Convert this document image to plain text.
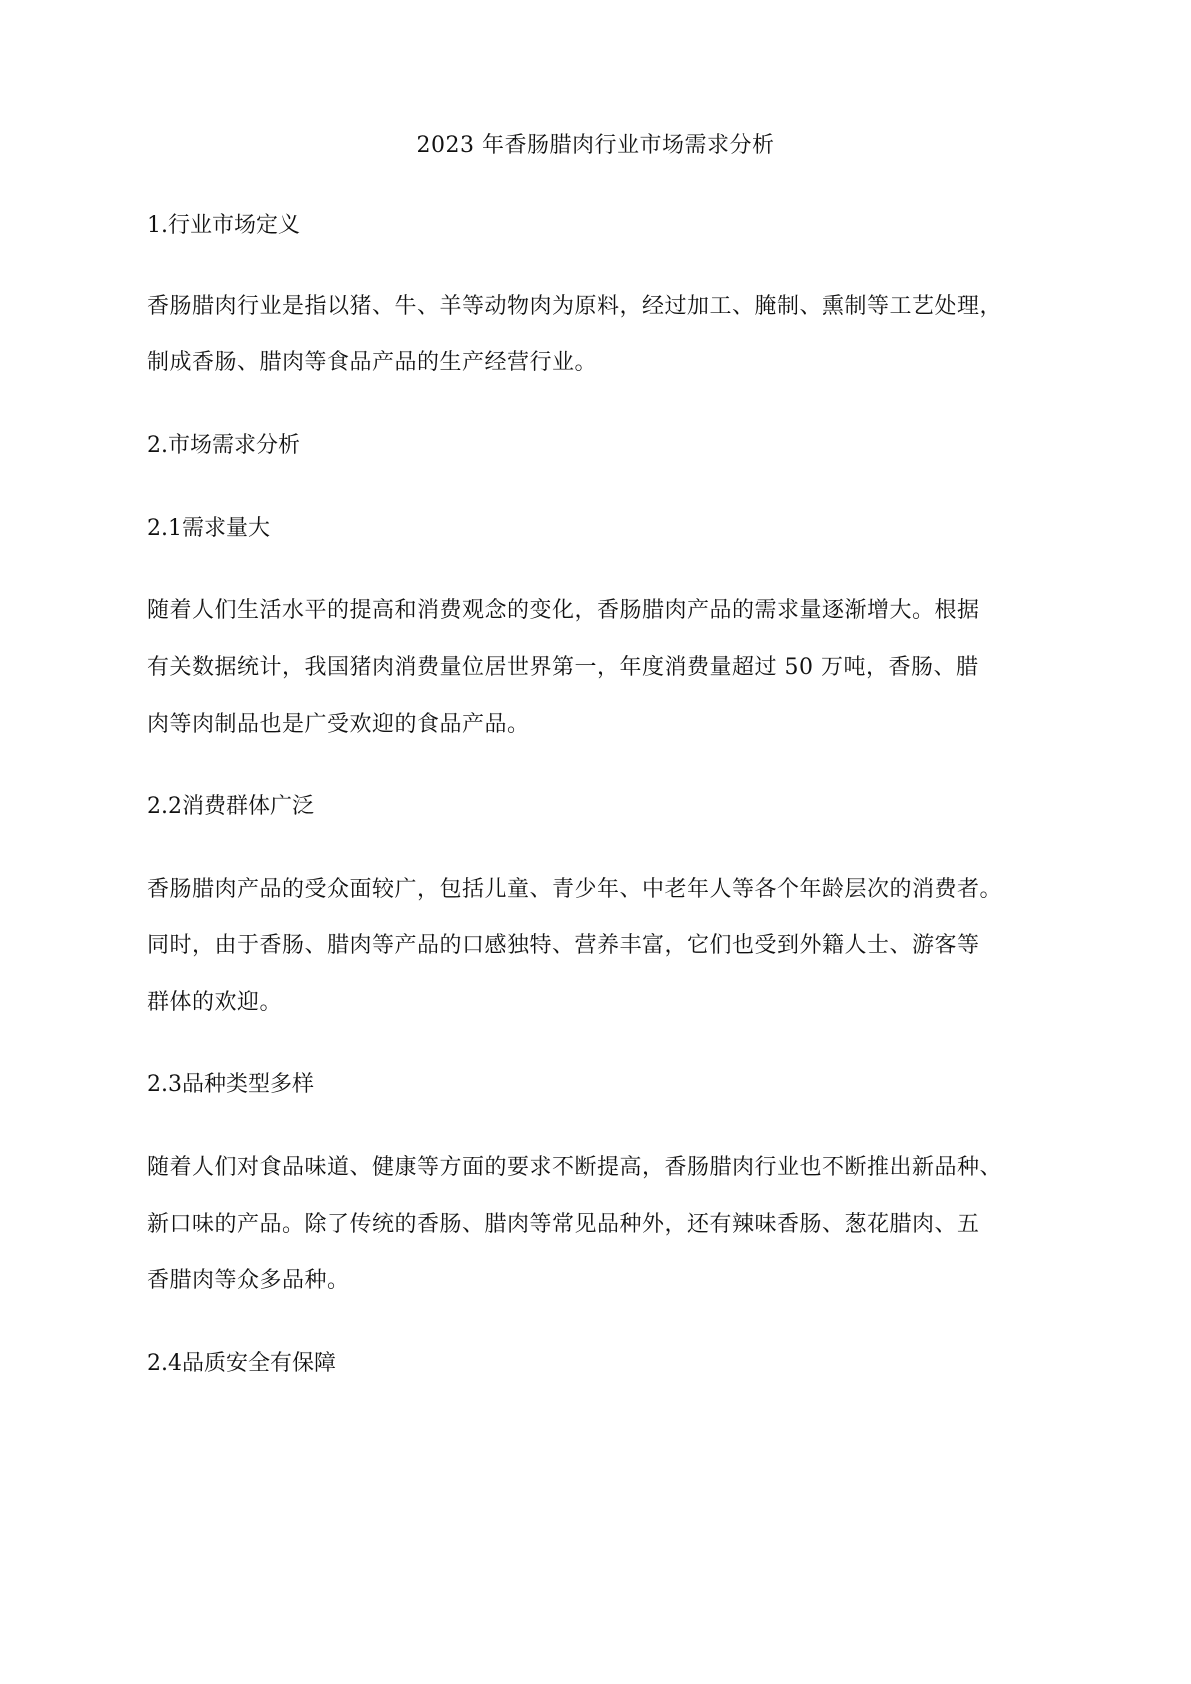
2023 年香肠腊肉行业市场需求分析
1.行业市场定义
香肠腊肉行业是指以猪、牛、羊等动物肉为原料，经过加工、腌制、熏制等工艺处理，
制成香肠、腊肉等食品产品的生产经营行业。
2.市场需求分析
2.1需求量大
随着人们生活水平的提高和消费观念的变化，香肠腊肉产品的需求量逐渐增大。根据
有关数据统计，我国猪肉消费量位居世界第一，年度消费量超过 50 万吨，香肠、腊
肉等肉制品也是广受欢迎的食品产品。
2.2消费群体广泛
香肠腊肉产品的受众面较广，包括儿童、青少年、中老年人等各个年龄层次的消费者。
同时，由于香肠、腊肉等产品的口感独特、营养丰富，它们也受到外籍人士、游客等
群体的欢迎。
2.3品种类型多样
随着人们对食品味道、健康等方面的要求不断提高，香肠腊肉行业也不断推出新品种、
新口味的产品。除了传统的香肠、腊肉等常见品种外，还有辣味香肠、葱花腊肉、五
香腊肉等众多品种。
2.4品质安全有保障
